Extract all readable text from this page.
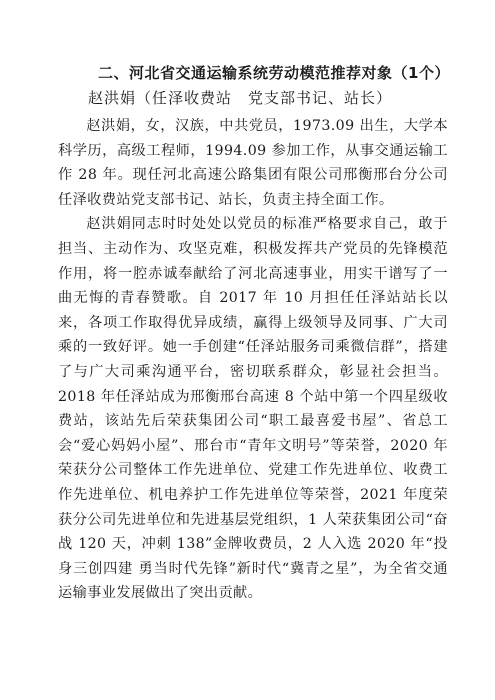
二、河北省交通运输系统劳动模范推荐对象（1个）
赵洪娟（任泽收费站　党支部书记、站长）

赵洪娟，女，汉族，中共党员，1973.09 出生，大学本科学历，高级工程师，1994.09 参加工作，从事交通运输工作 28 年。现任河北高速公路集团有限公司邢衡邢台分公司任泽收费站党支部书记、站长，负责主持全面工作。

赵洪娟同志时时处处以党员的标准严格要求自己，敢于担当、主动作为、攻坚克难，积极发挥共产党员的先锋模范作用，将一腔赤诚奉献给了河北高速事业，用实干谱写了一曲无悔的青春赞歌。自 2017 年 10 月担任任泽站站长以来，各项工作取得优异成绩，赢得上级领导及同事、广大司乘的一致好评。她一手创建“任泽站服务司乘微信群”，搭建了与广大司乘沟通平台，密切联系群众，彰显社会担当。2018 年任泽站成为邢衡邢台高速 8 个站中第一个四星级收费站，该站先后荣获集团公司“职工最喜爱书屋”、省总工会“爱心妈妈小屋”、邢台市“青年文明号”等荣誉，2020 年荣获分公司整体工作先进单位、党建工作先进单位、收费工作先进单位、机电养护工作先进单位等荣誉，2021 年度荣获分公司先进单位和先进基层党组织，1 人荣获集团公司“奋战 120 天，冲刺 138”金牌收费员，2 人入选 2020 年“投身三创四建 勇当时代先锋”新时代“冀青之星”，为全省交通运输事业发展做出了突出贡献。
